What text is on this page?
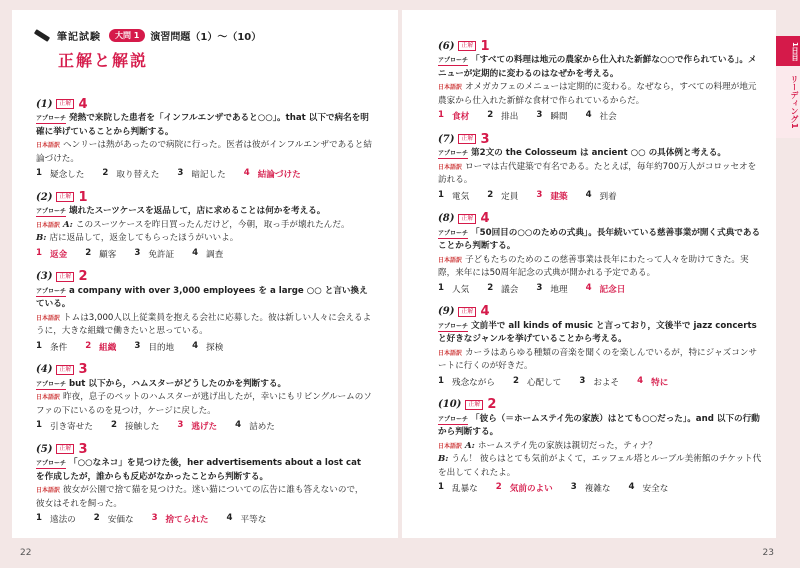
筆記試験	大問 1	演習問題（1）～（10）
正解と解説
(1)	正解 4
アプローチ 発熱で来院した患者を「インフルエンザであると○○」。that 以下で病名を明確に挙げていることから判断する。
日本語訳 ヘンリーは熱があったので病院に行った。医者は彼がインフルエンザであると結論づけた。
1 疑念した 2 取り替えた 3 暗記した 4 結論づけた
(2)	正解 1
アプローチ 壊れたスーツケースを返品して，店に求めることは何かを考える。
日本語訳 A: このスーツケースを昨日買ったんだけど，今朝，取っ手が壊れたんだ。
B: 店に返品して，返金してもらったほうがいいよ。
1 返金 2 顧客 3 免許証 4 調査
(3)	正解 2
アプローチ a company with over 3,000 employees を a large ○○ と言い換えている。
日本語訳 トムは3,000人以上従業員を抱える会社に応募した。彼は新しい人々に会えるように，大きな組織で働きたいと思っている。
1 条件 2 組織 3 目的地 4 探検
(4)	正解 3
アプローチ but 以下から，ハムスターがどうしたのかを判断する。
日本語訳 昨夜，息子のペットのハムスターが逃げ出したが，幸いにもリビングルームのソファの下にいるのを見つけ，ケージに戻した。
1 引き寄せた 2 接触した 3 逃げた 4 詰めた
(5)	正解 3
アプローチ 「○○なネコ」を見つけた後，her advertisements about a lost cat を作成したが，誰からも反応がなかったことから判断する。
日本語訳 彼女が公園で捨て猫を見つけた。迷い猫についての広告に誰も答えないので，彼女はそれを飼った。
1 遠法の 2 安価な 3 捨てられた 4 平等な
(6)	正解 1
アプローチ 「すべての料理は地元の農家から仕入れた新鮮な○○で作られている」。メニューが定期的に変わるのはなぜかを考える。
日本語訳 オメガカフェのメニューは定期的に変わる。なぜなら，すべての料理が地元農家から仕入れた新鮮な食材で作られているからだ。
1 食材 2 排出 3 瞬間 4 社会
(7)	正解 3
アプローチ 第2文の the Colosseum は ancient ○○ の具体例と考える。
日本語訳 ローマは古代建築で有名である。たとえば，毎年約700万人がコロッセオを訪れる。
1 電気 2 定員 3 建築 4 到着
(8)	正解 4
アプローチ 「50回目の○○のための式典」。長年続いている慈善事業が開く式典であることから判断する。
日本語訳 子どもたちのためのこの慈善事業は長年にわたって人々を助けてきた。実際，来年には50周年記念の式典が開かれる予定である。
1 人気 2 議会 3 地理 4 記念日
(9)	正解 4
アプローチ 文前半で all kinds of music と言っており，文後半で jazz concerts と好きなジャンルを挙げていることから考える。
日本語訳 カーラはあらゆる種類の音楽を聞くのを楽しんでいるが，特にジャズコンサートに行くのが好きだ。
1 残念ながら 2 心配して 3 およそ 4 特に
(10)	正解 2
アプローチ 「彼ら（＝ホームステイ先の家族）はとても○○だった」。and 以下の行動から判断する。
日本語訳 A: ホームステイ先の家族は親切だった，ティナ？
B: うん！ 彼らはとても気前がよくて，エッフェル塔とルーブル美術館のチケット代を出してくれたよ。
1 乱暴な 2 気前のよい 3 複雑な 4 安全な
1日目
リーディング1
22	23
